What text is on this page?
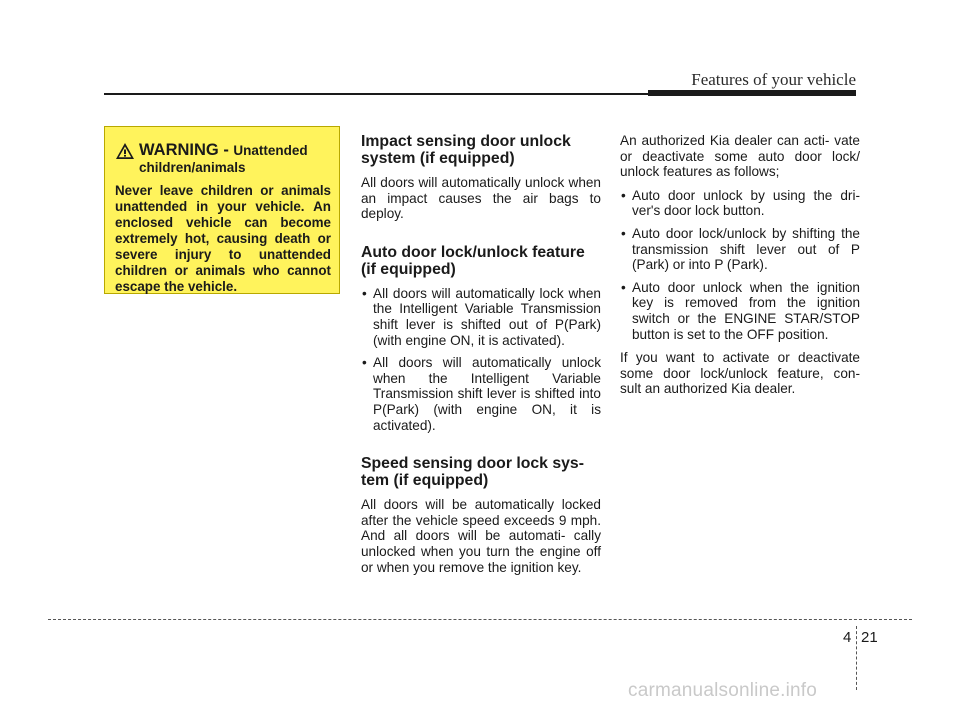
Features of your vehicle
WARNING - Unattended
children/animals

Never leave children or animals unattended in your vehicle. An enclosed vehicle can become extremely hot, causing death or severe injury to unattended children or animals who cannot escape the vehicle.

Impact sensing door unlock system (if equipped)

All doors will automatically unlock when an impact causes the air bags to deploy.

Auto door lock/unlock feature (if equipped)
• All doors will automatically lock when the Intelligent Variable Transmission shift lever is shifted out of P(Park) (with engine ON, it is activated).
• All doors will automatically unlock when the Intelligent Variable Transmission shift lever is shifted into P(Park) (with engine ON, it is activated).
Speed sensing door lock sys- tem (if equipped)

All doors will be automatically locked after the vehicle speed exceeds 9 mph. And all doors will be automati- cally unlocked when you turn the engine off or when you remove the ignition key.

An authorized Kia dealer can acti- vate or deactivate some auto door lock/ unlock features as follows;

• Auto door unlock by using the dri- ver's door lock button.
• Auto door lock/unlock by shifting the transmission shift lever out of P (Park) or into P (Park).
• Auto door unlock when the ignition key is removed from the ignition switch or the ENGINE STAR/STOP button is set to the OFF position.

If you want to activate or deactivate some door lock/unlock feature, con- sult an authorized Kia dealer.

4 21
carmanualsonline.info
